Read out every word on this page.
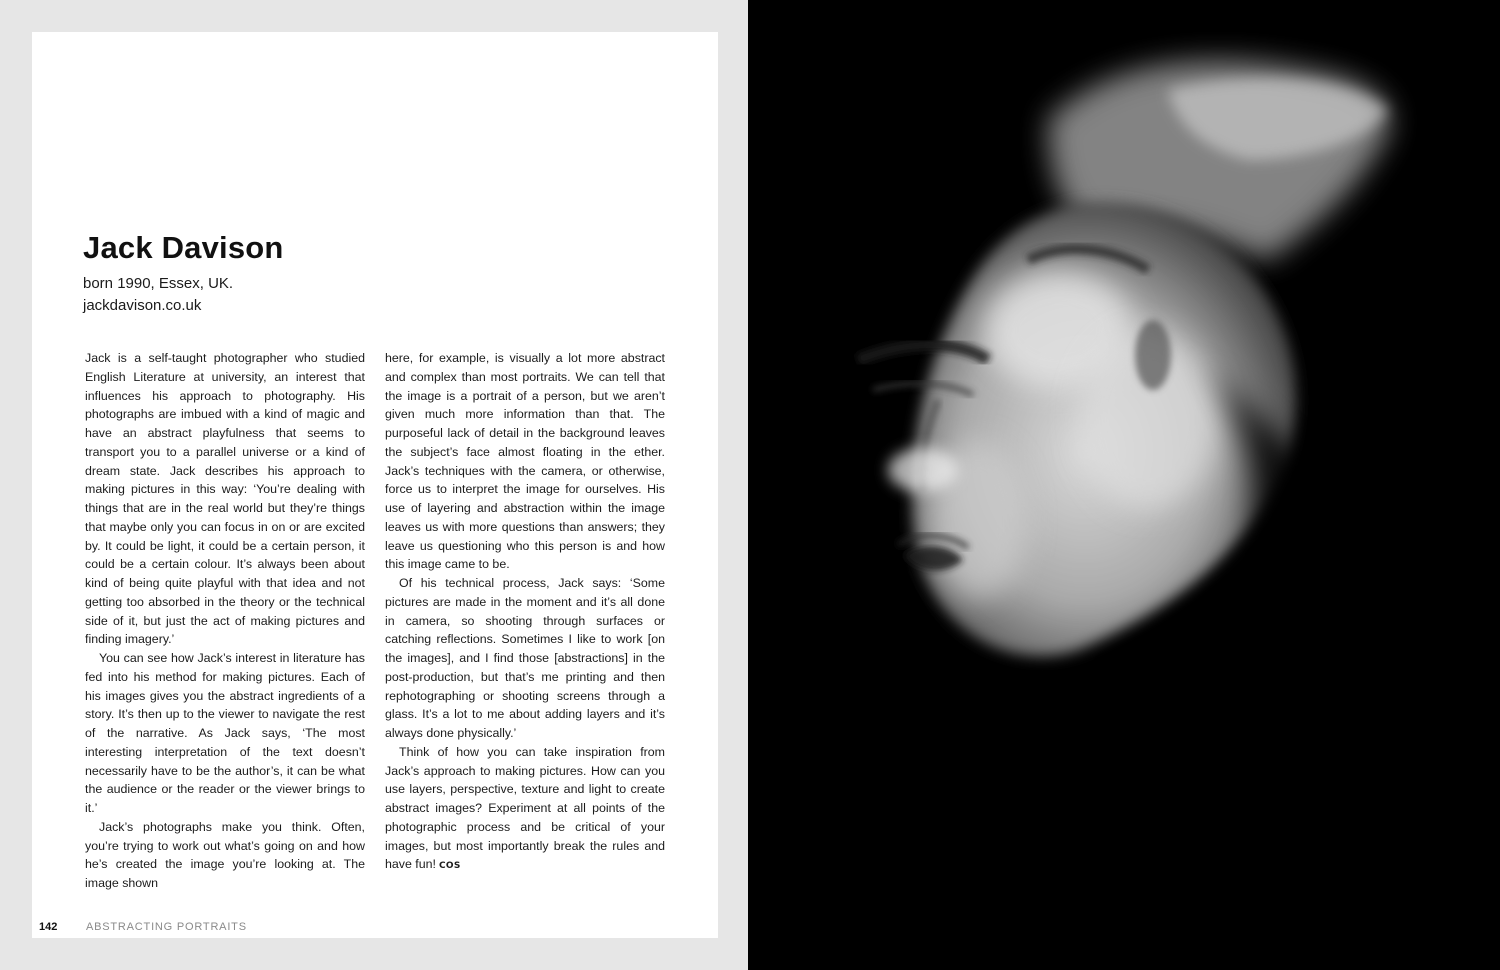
Jack Davison
born 1990, Essex, UK.
jackdavison.co.uk

Jack is a self-taught photographer who studied English Literature at university, an interest that influences his approach to photography. His photographs are imbued with a kind of magic and have an abstract playfulness that seems to transport you to a parallel universe or a kind of dream state. Jack describes his approach to making pictures in this way: ‘You’re dealing with things that are in the real world but they’re things that maybe only you can focus in on or are excited by. It could be light, it could be a certain person, it could be a certain colour. It’s always been about kind of being quite playful with that idea and not getting too absorbed in the theory or the technical side of it, but just the act of making pictures and finding imagery.’

You can see how Jack’s interest in literature has fed into his method for making pictures. Each of his images gives you the abstract ingredients of a story. It’s then up to the viewer to navigate the rest of the narrative. As Jack says, ‘The most interesting interpretation of the text doesn’t necessarily have to be the author’s, it can be what the audience or the reader or the viewer brings to it.’

Jack’s photographs make you think. Often, you’re trying to work out what’s going on and how he’s created the image you’re looking at. The image shown

here, for example, is visually a lot more abstract and complex than most portraits. We can tell that the image is a portrait of a person, but we aren’t given much more information than that. The purposeful lack of detail in the background leaves the subject’s face almost floating in the ether. Jack’s techniques with the camera, or otherwise, force us to interpret the image for ourselves. His use of layering and abstraction within the image leaves us with more questions than answers; they leave us questioning who this person is and how this image came to be.

Of his technical process, Jack says: ‘Some pictures are made in the moment and it’s all done in camera, so shooting through surfaces or catching reflections. Sometimes I like to work [on the images], and I find those [abstractions] in the post-production, but that’s me printing and then rephotographing or shooting screens through a glass. It’s a lot to me about adding layers and it’s always done physically.’

Think of how you can take inspiration from Jack’s approach to making pictures. How can you use layers, perspective, texture and light to create abstract images? Experiment at all points of the photographic process and be critical of your images, but most importantly break the rules and have fun! COS

142	ABSTRACTING PORTRAITS
